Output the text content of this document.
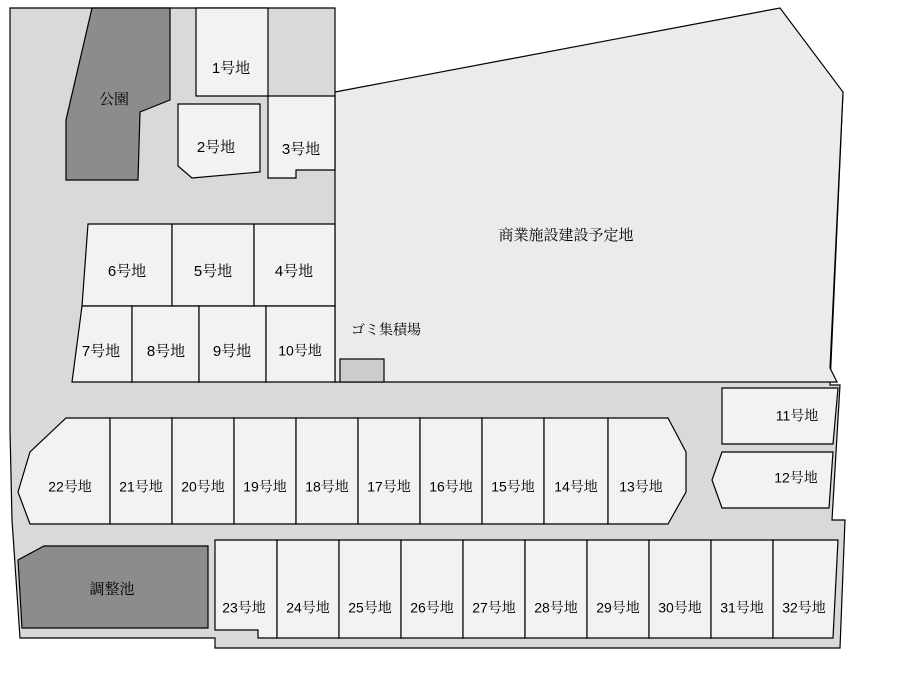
公園
商業施設建設予定地
ゴミ集積場
調整池
1号地
2号地	3号地
6号地	5号地	4号地
7号地 8号地 9号地 10号地
11号地
12号地
22号地 21号地 20号地 19号地 18号地 17号地 16号地 15号地 14号地 13号地
23号地 24号地 25号地 26号地 27号地 28号地 29号地 30号地 31号地 32号地
